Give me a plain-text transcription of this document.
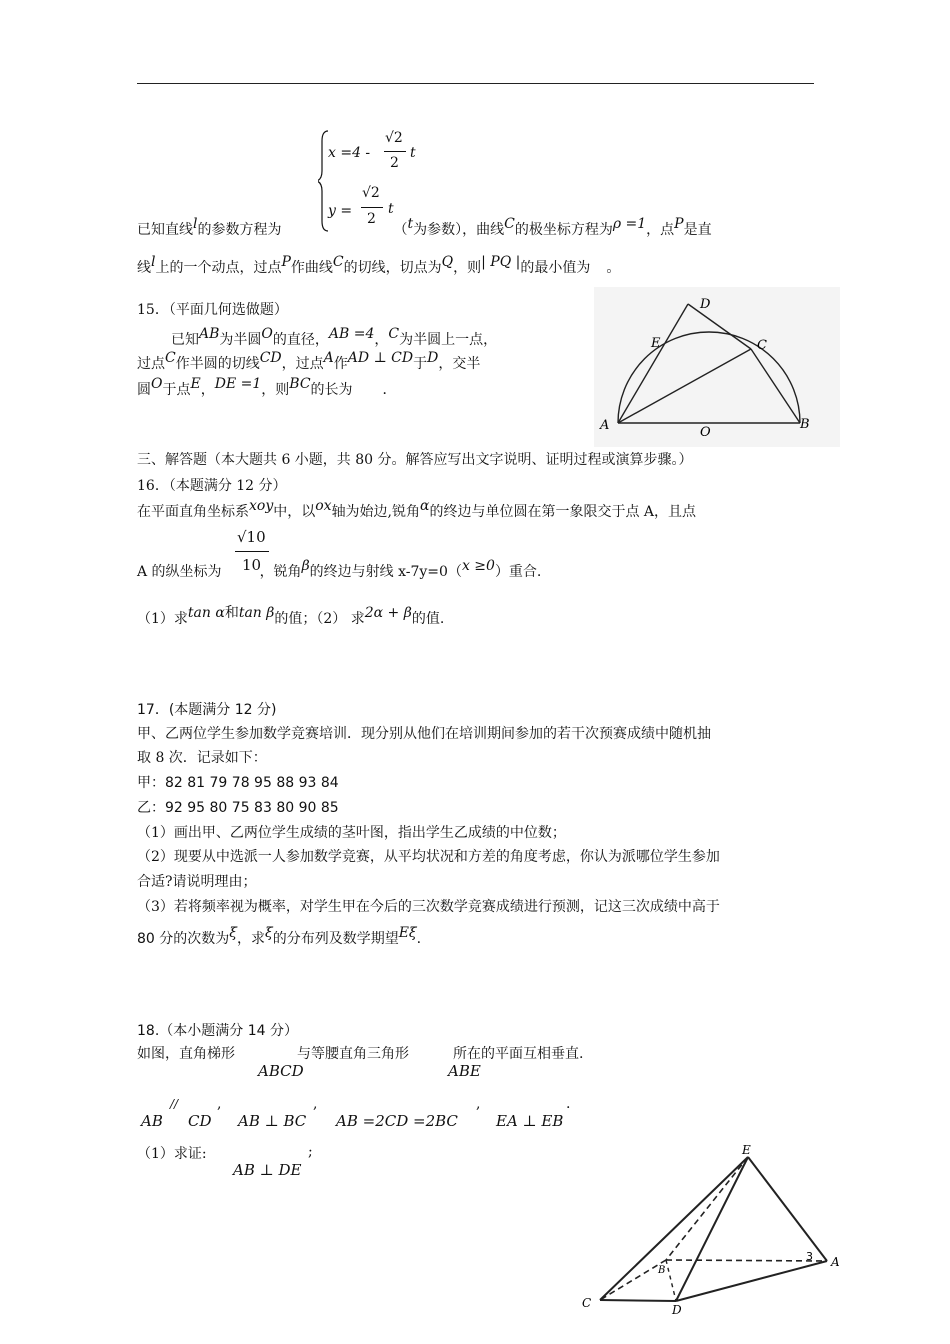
x =4 -
√2
2
t
y =
√2
2
t
已知直线l的参数方程为	（t为参数），曲线C的极坐标方程为ρ =1，点P是直
线l上的一个动点，过点P作曲线C的切线，切点为Q，则| PQ |的最小值为 。
15．（平面几何选做题）
已知AB为半圆O的直径，AB =4，C为半圆上一点，
过点C作半圆的切线CD，过点A作AD ⊥ CD于D，交半
圆O于点E，DE =1，则BC的长为 ．
A	B
C
D
E
O
三、解答题（本大题共 6 小题，共 80 分。解答应写出文字说明、证明过程或演算步骤。）
16．（本题满分 12 分）
在平面直角坐标系xoy中，以ox轴为始边,锐角α的终边与单位圆在第一象限交于点 A，且点
√10
10
A 的纵坐标为	，锐角β的终边与射线 x-7y=0（x ≥0）重合.
（1）求tan α和tan β的值；（2） 求2α + β的值.
17．(本题满分 12 分)
甲、乙两位学生参加数学竞赛培训．现分别从他们在培训期间参加的若干次预赛成绩中随机抽
取 8 次．记录如下：
甲：82 81 79 78 95 88 93 84
乙：92 95 80 75 83 80 90 85
（1）画出甲、乙两位学生成绩的茎叶图，指出学生乙成绩的中位数；
（2）现要从中选派一人参加数学竞赛，从平均状况和方差的角度考虑，你认为派哪位学生参加
合适?请说明理由；
（3）若将频率视为概率，对学生甲在今后的三次数学竞赛成绩进行预测，记这三次成绩中高于
80 分的次数为ξ，求ξ的分布列及数学期望Eξ.
18.（本小题满分 14 分）
如图，直角梯形	与等腰直角三角形	所在的平面互相垂直.
ABCD	ABE
//
AB CD
,
AB ⊥ BC
,
AB =2CD =2BC
,
EA ⊥ EB
.
（1）求证:
AB ⊥ DE
;	E
A
B
C	D
3
